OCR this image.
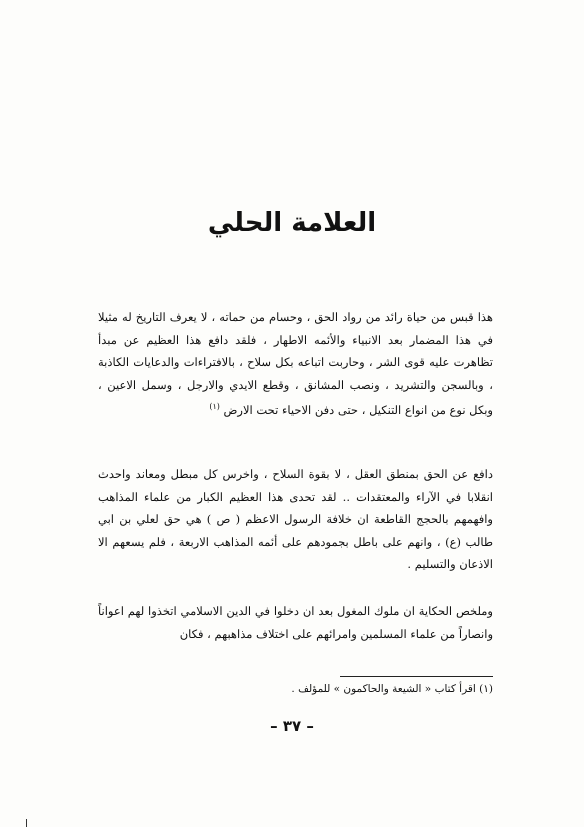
العلامة الحلي
هذا قبس من حياة رائد من رواد الحق ، وحسام من حماته ، لا يعرف التاريخ له مثيلا في هذا المضمار بعد الانبياء والأئمه الاطهار ، فلقد دافع هذا العظيم عن مبدأ تظاهرت عليه قوى الشر ، وحاربت اتباعه بكل سلاح ، بالافتراءات والدعايات الكاذبة ، وبالسجن والتشريد ، ونصب المشانق ، وقطع الايدي والارجل ، وسمل الاعين ، وبكل نوع من انواع التنكيل ، حتى دفن الاحياء تحت الارض $^{(١)}$
دافع عن الحق بمنطق العقل ، لا بقوة السلاح ، واخرس كل مبطل ومعاند واحدث انقلابا في الآراء والمعتقدات .. لقد تحدى هذا العظيم الكبار من علماء المذاهب وافهمهم بالحجج القاطعة ان خلافة الرسول الاعظم ( ص ) هي حق لعلي بن ابي طالب (ع) ، وانهم على باطل بجمودهم على أئمه المذاهب الاربعة ، فلم يسعهم الا الاذعان والتسليم .
وملخص الحكاية ان ملوك المغول بعد ان دخلوا في الدين الاسلامي اتخذوا لهم اعواناً وانصاراً من علماء المسلمين وامرائهم على اختلاف مذاهبهم ، فكان
(١) اقرأ كتاب « الشيعة والحاكمون » للمؤلف .
– ٣٧ –
